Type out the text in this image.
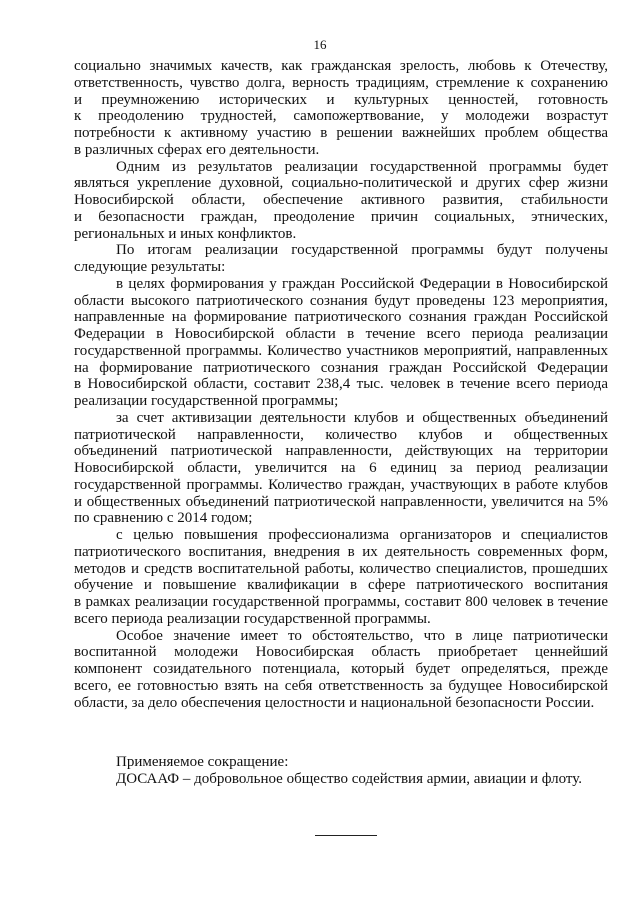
16

социально значимых качеств, как гражданская зрелость, любовь к Отечеству,
ответственность, чувство долга, верность традициям, стремление к сохранению
и преумножению исторических и культурных ценностей, готовность
к преодолению трудностей, самопожертвование, у молодежи возрастут
потребности к активному участию в решении важнейших проблем общества
в различных сферах его деятельности.

Одним из результатов реализации государственной программы будет
являться укрепление духовной, социально-политической и других сфер жизни
Новосибирской области, обеспечение активного развития, стабильности
и безопасности граждан, преодоление причин социальных, этнических,
региональных и иных конфликтов.

По итогам реализации государственной программы будут получены
следующие результаты:

в целях формирования у граждан Российской Федерации в Новосибирской
области высокого патриотического сознания будут проведены 123 мероприятия,
направленные на формирование патриотического сознания граждан Российской
Федерации в Новосибирской области в течение всего периода реализации
государственной программы. Количество участников мероприятий, направленных
на формирование патриотического сознания граждан Российской Федерации
в Новосибирской области, составит 238,4 тыс. человек в течение всего периода
реализации государственной программы;

за счет активизации деятельности клубов и общественных объединений
патриотической направленности, количество клубов и общественных
объединений патриотической направленности, действующих на территории
Новосибирской области, увеличится на 6 единиц за период реализации
государственной программы. Количество граждан, участвующих в работе клубов
и общественных объединений патриотической направленности, увеличится на 5%
по сравнению с 2014 годом;

с целью повышения профессионализма организаторов и специалистов
патриотического воспитания, внедрения в их деятельность современных форм,
методов и средств воспитательной работы, количество специалистов, прошедших
обучение и повышение квалификации в сфере патриотического воспитания
в рамках реализации государственной программы, составит 800 человек в течение
всего периода реализации государственной программы.

Особое значение имеет то обстоятельство, что в лице патриотически
воспитанной молодежи Новосибирская область приобретает ценнейший
компонент созидательного потенциала, который будет определяться, прежде
всего, ее готовностью взять на себя ответственность за будущее Новосибирской
области, за дело обеспечения целостности и национальной безопасности России.

Применяемое сокращение:
ДОСААФ – добровольное общество содействия армии, авиации и флоту.
